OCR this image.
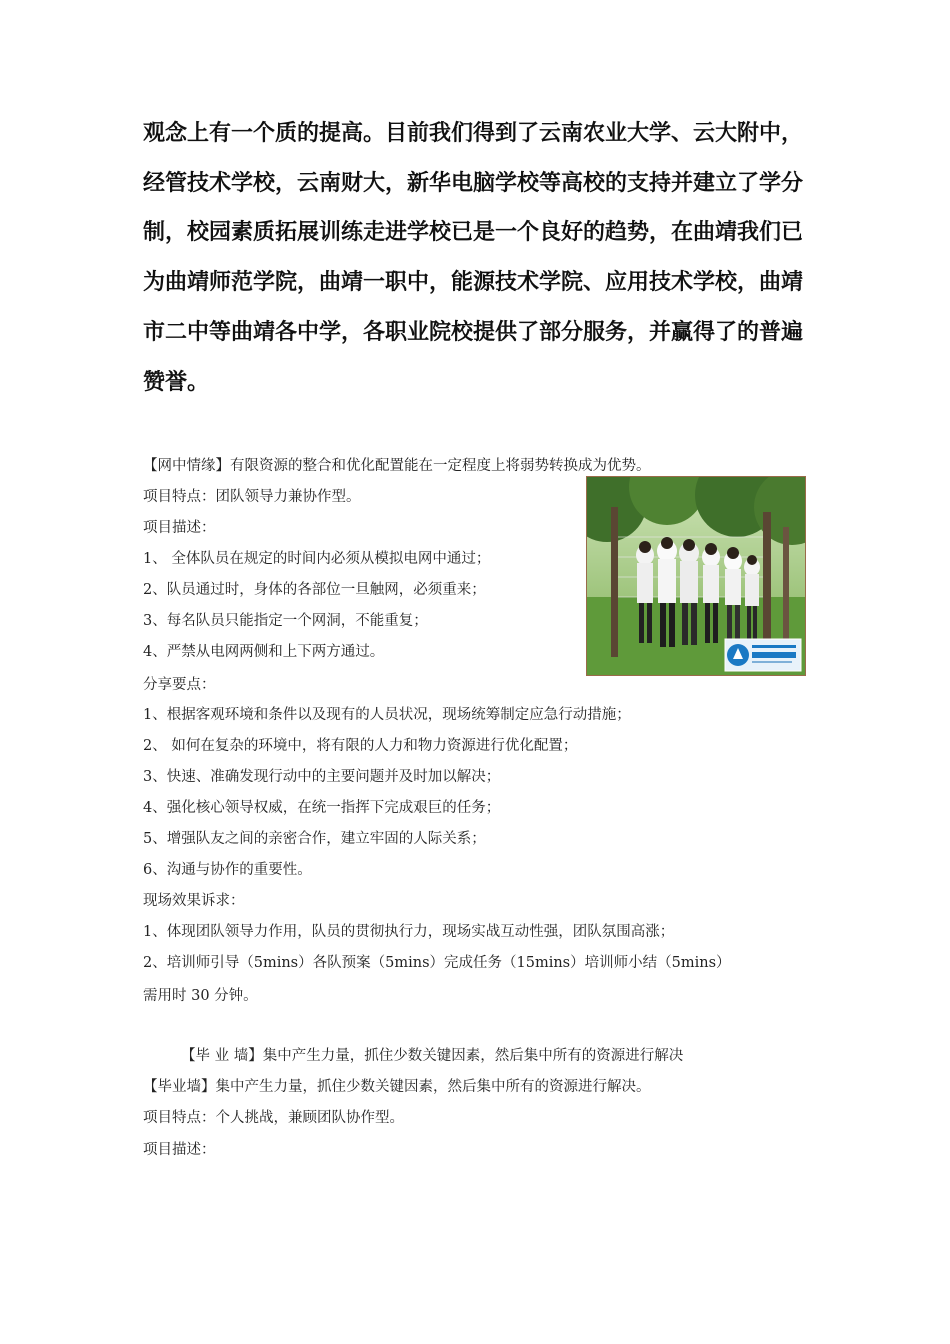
观念上有一个质的提高。目前我们得到了云南农业大学、云大附中，
经管技术学校，云南财大，新华电脑学校等高校的支持并建立了学分
制，校园素质拓展训练走进学校已是一个良好的趋势，在曲靖我们已
为曲靖师范学院，曲靖一职中，能源技术学院、应用技术学校，曲靖
市二中等曲靖各中学，各职业院校提供了部分服务，并赢得了的普遍
赞誉。
【网中情缘】有限资源的整合和优化配置能在一定程度上将弱势转换成为优势。
项目特点：团队领导力兼协作型。
项目描述：
1、 全体队员在规定的时间内必须从模拟电网中通过；
2、队员通过时，身体的各部位一旦触网，必须重来；
3、每名队员只能指定一个网洞，不能重复；
4、严禁从电网两侧和上下两方通过。
分享要点：
1、根据客观环境和条件以及现有的人员状况，现场统筹制定应急行动措施；
2、 如何在复杂的环境中，将有限的人力和物力资源进行优化配置；
3、快速、准确发现行动中的主要问题并及时加以解决；
4、强化核心领导权威，在统一指挥下完成艰巨的任务；
5、增强队友之间的亲密合作，建立牢固的人际关系；
6、沟通与协作的重要性。
现场效果诉求：
1、体现团队领导力作用，队员的贯彻执行力，现场实战互动性强，团队氛围高涨；
2、培训师引导（5mins）各队预案（5mins）完成任务（15mins）培训师小结（5mins）
需用时 30 分钟。
【毕 业 墙】集中产生力量，抓住少数关键因素，然后集中所有的资源进行解决
【毕业墙】集中产生力量，抓住少数关键因素，然后集中所有的资源进行解决。
项目特点：个人挑战，兼顾团队协作型。
项目描述：
